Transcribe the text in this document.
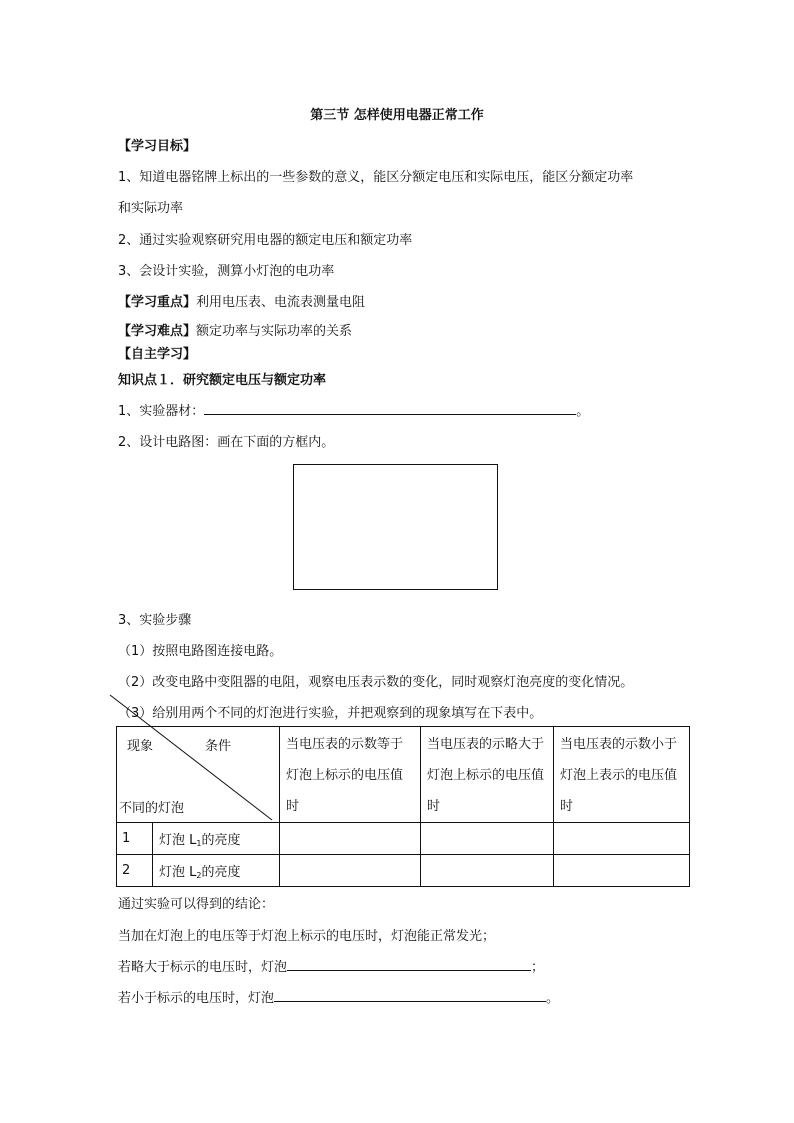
第三节 怎样使用电器正常工作
【学习目标】
1、知道电器铭牌上标出的一些参数的意义，能区分额定电压和实际电压，能区分额定功率
和实际功率
2、通过实验观察研究用电器的额定电压和额定功率
3、会设计实验，测算小灯泡的电功率
【学习重点】利用电压表、电流表测量电阻
【学习难点】额定功率与实际功率的关系
【自主学习】
知识点１．研究额定电压与额定功率
1、实验器材：	。
2、设计电路图：画在下面的方框内。
3、实验步骤
（1）按照电路图连接电路。
（2）改变电路中变阻器的电阻，观察电压表示数的变化，同时观察灯泡亮度的变化情况。
（3）给别用两个不同的灯泡进行实验，并把观察到的现象填写在下表中。
现象 条件
不同的灯泡		当电压表的示数等于灯泡上标示的电压值时	当电压表的示略大于灯泡上标示的电压值时	当电压表的示数小于灯泡上表示的电压值时
1	灯泡 $L_1$的亮度			
2	灯泡 $L_2$的亮度			
通过实验可以得到的结论：
当加在灯泡上的电压等于灯泡上标示的电压时，灯泡能正常发光；
若略大于标示的电压时，灯泡	；
若小于标示的电压时，灯泡	。
